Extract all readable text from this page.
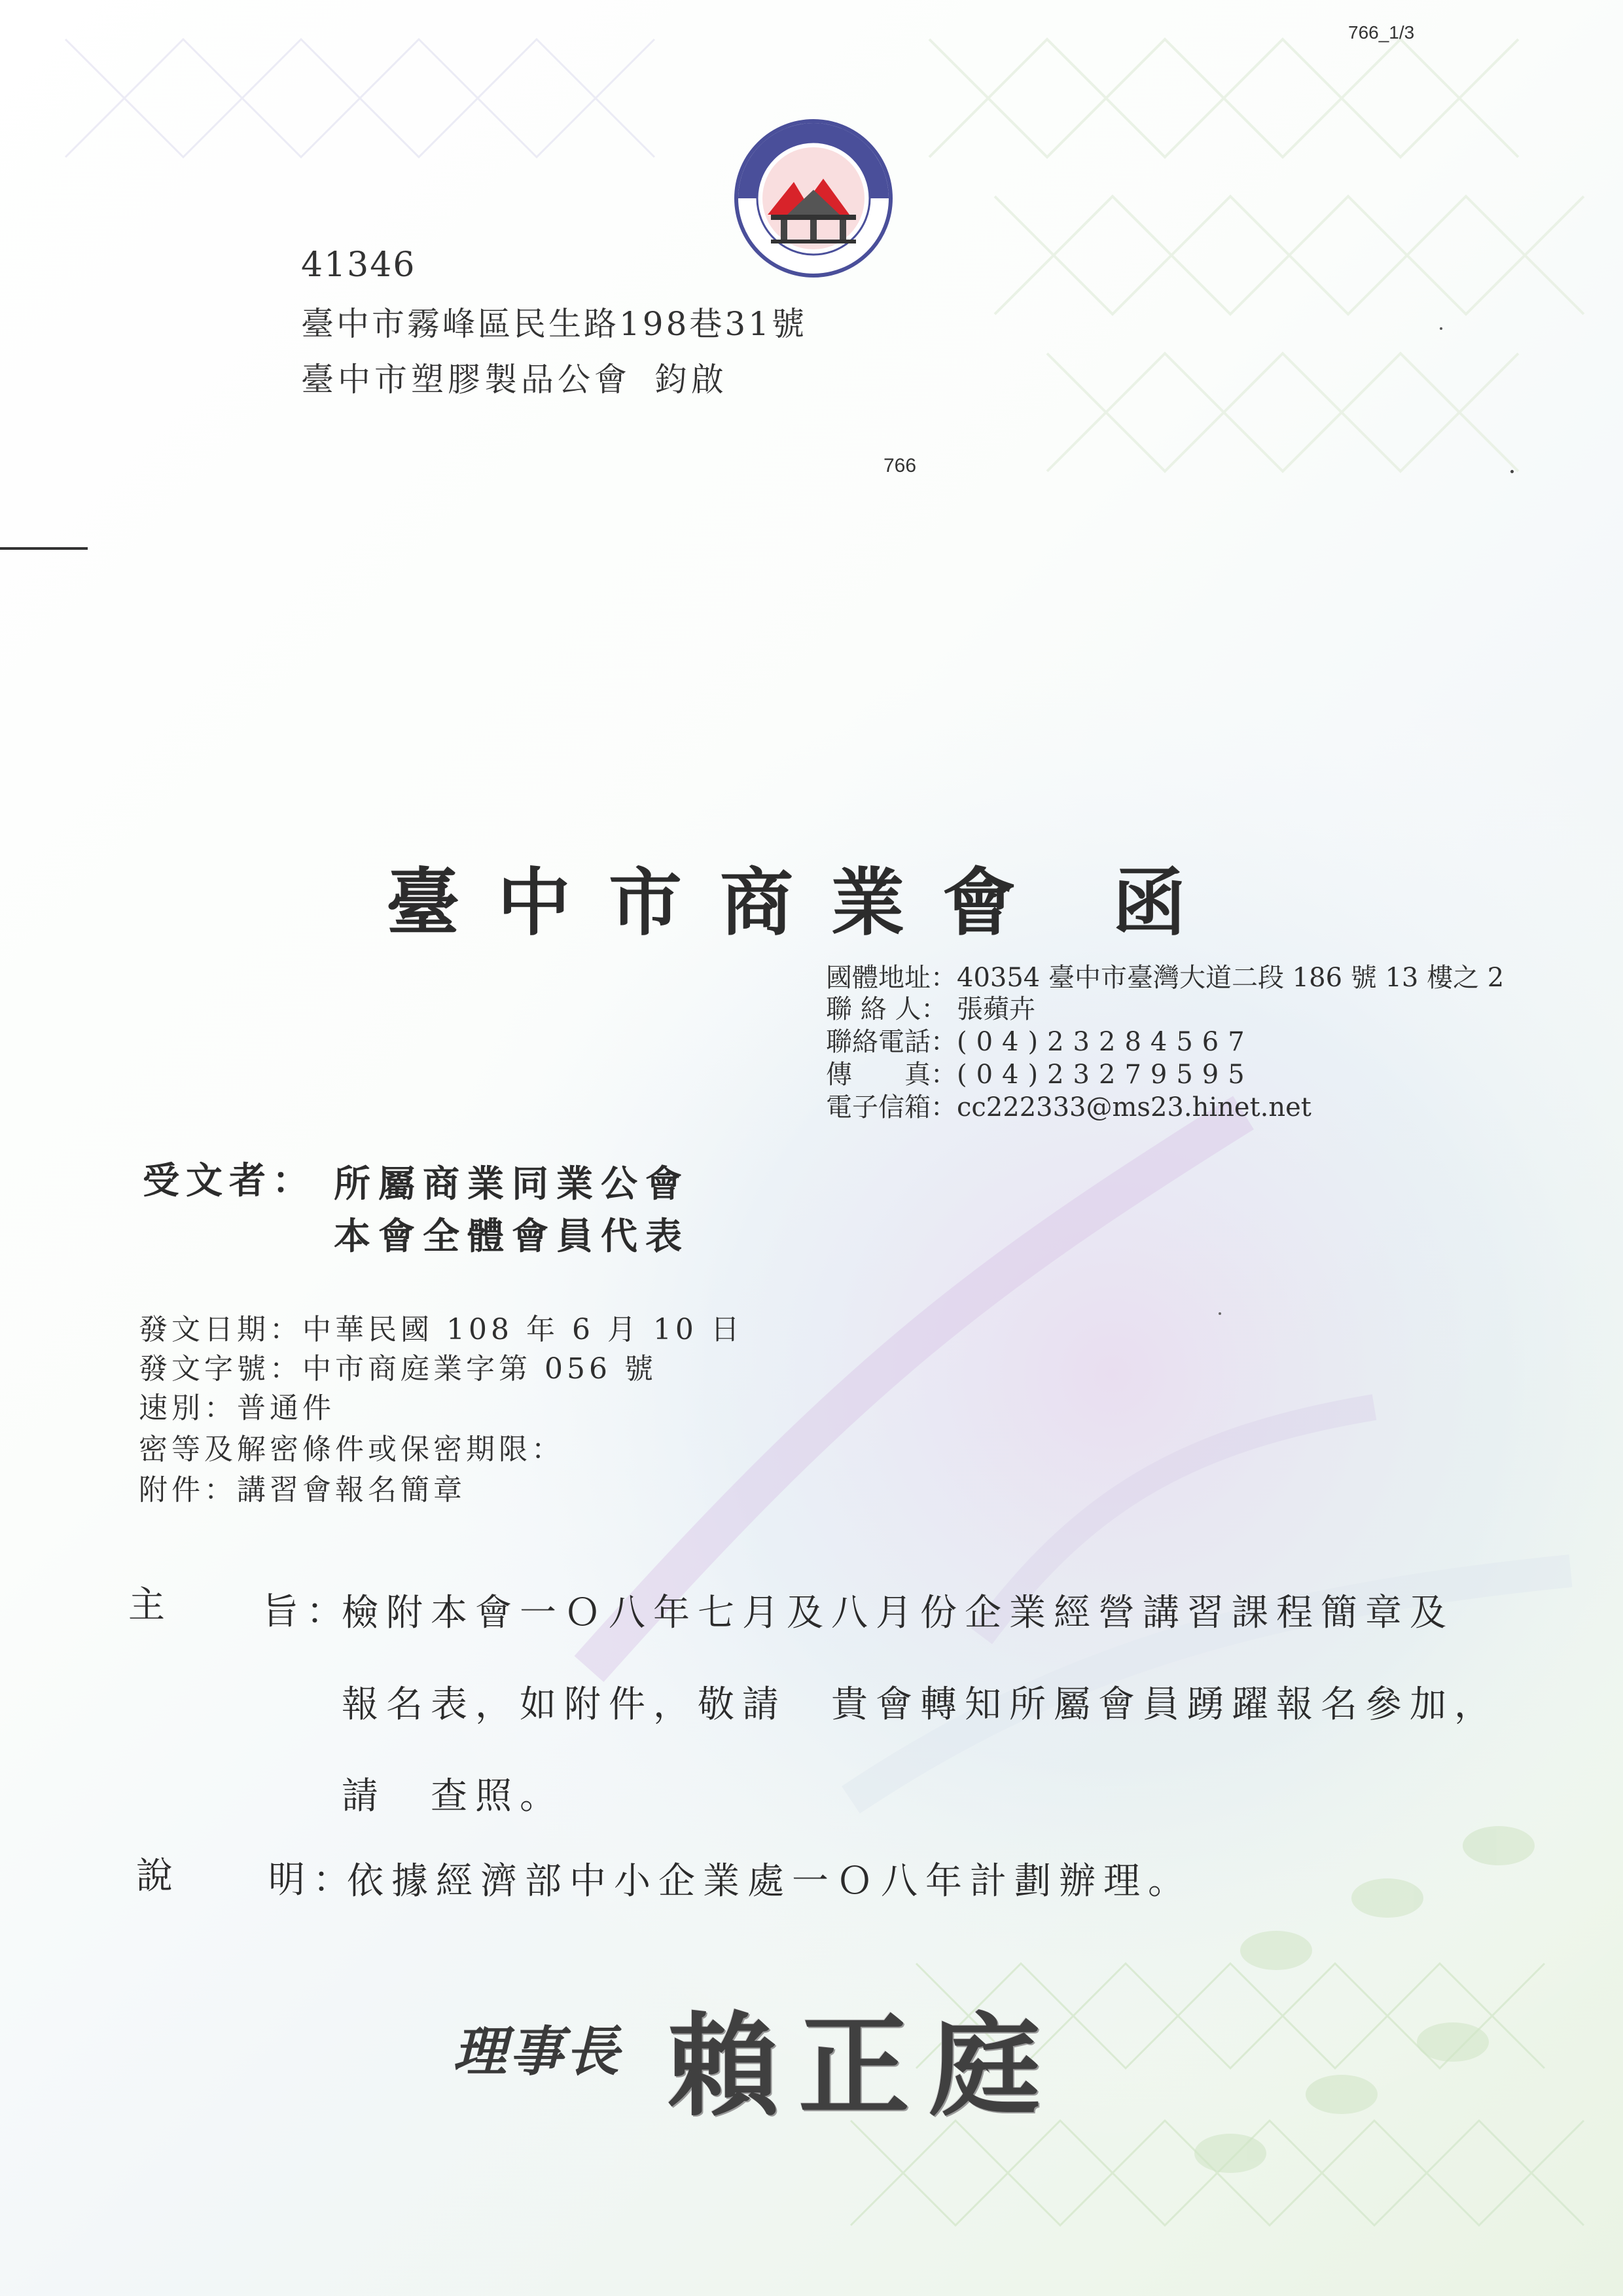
766_1/3
41346
臺中市霧峰區民生路198巷31號
臺中市塑膠製品公會 鈞啟
766
臺中市商業會 函
國體地址：40354 臺中市臺灣大道二段 186 號 13 樓之 2
聯 絡 人： 張蘋卉
聯絡電話：(04)23284567
傳　　真：(04)23279595
電子信箱：cc222333@ms23.hinet.net
受文者： 所屬商業同業公會
本會全體會員代表
發文日期：中華民國 108 年 6 月 10 日
發文字號：中市商庭業字第 056 號
速別：普通件
密等及解密條件或保密期限：
附件：講習會報名簡章
主 旨：
檢附本會一Ｏ八年七月及八月份企業經營講習課程簡章及
報名表，如附件，敬請　貴會轉知所屬會員踴躍報名參加，
請　查照。
說 明：
依據經濟部中小企業處一Ｏ八年計劃辦理。
理事長 賴正庭
